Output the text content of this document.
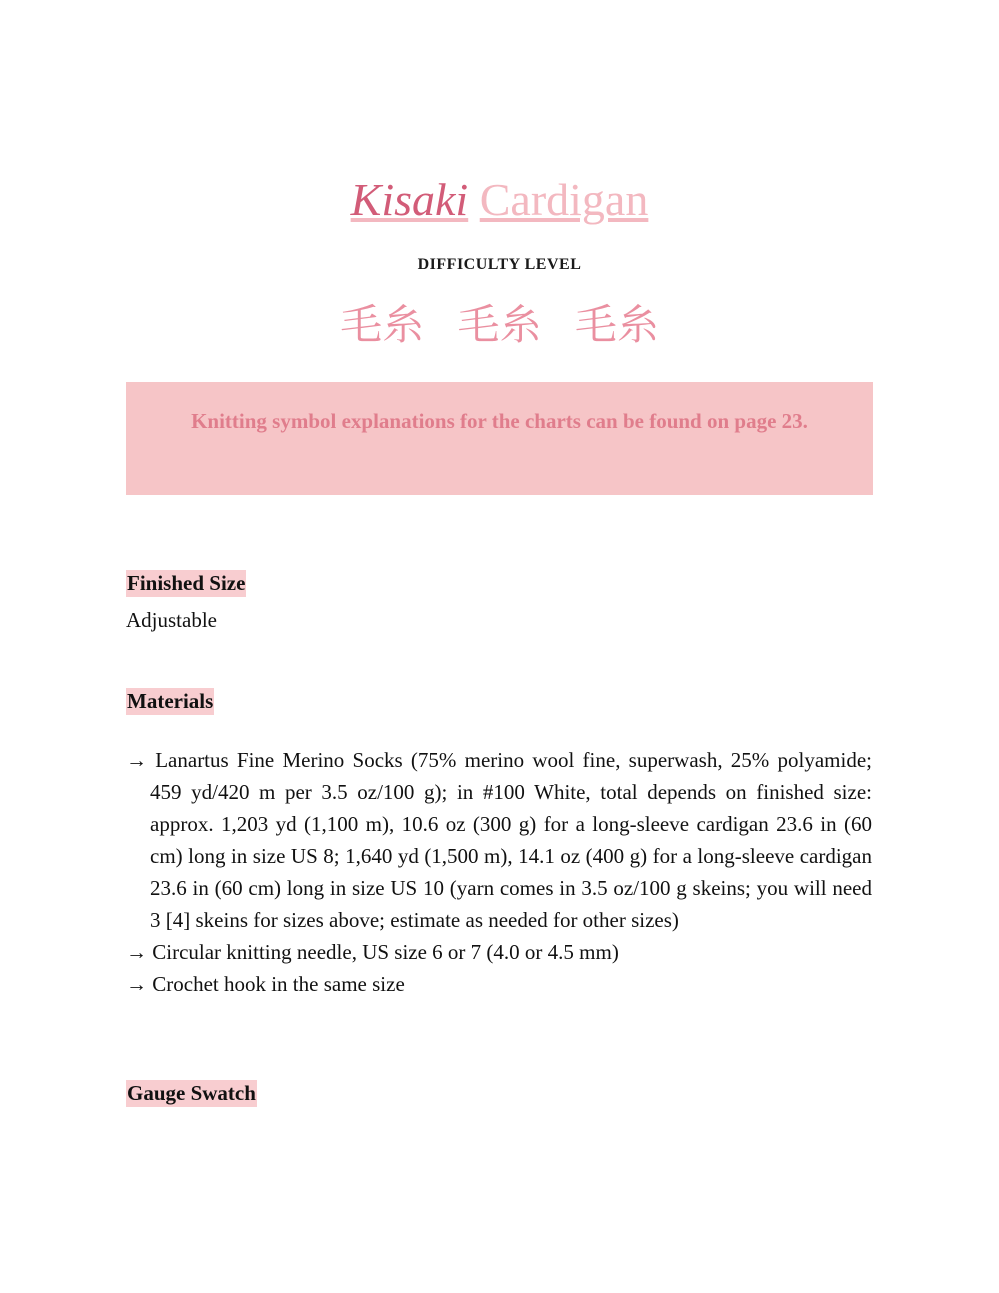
Kisaki Cardigan
DIFFICULTY LEVEL
毛糸 毛糸 毛糸
Knitting symbol explanations for the charts can be found on page 23.
Finished Size
Adjustable
Materials
→ Lanartus Fine Merino Socks (75% merino wool fine, superwash, 25% polyamide; 459 yd/420 m per 3.5 oz/100 g); in #100 White, total depends on finished size: approx. 1,203 yd (1,100 m), 10.6 oz (300 g) for a long-sleeve cardigan 23.6 in (60 cm) long in size US 8; 1,640 yd (1,500 m), 14.1 oz (400 g) for a long-sleeve cardigan 23.6 in (60 cm) long in size US 10 (yarn comes in 3.5 oz/100 g skeins; you will need 3 [4] skeins for sizes above; estimate as needed for other sizes)
→ Circular knitting needle, US size 6 or 7 (4.0 or 4.5 mm)
→ Crochet hook in the same size
Gauge Swatch
